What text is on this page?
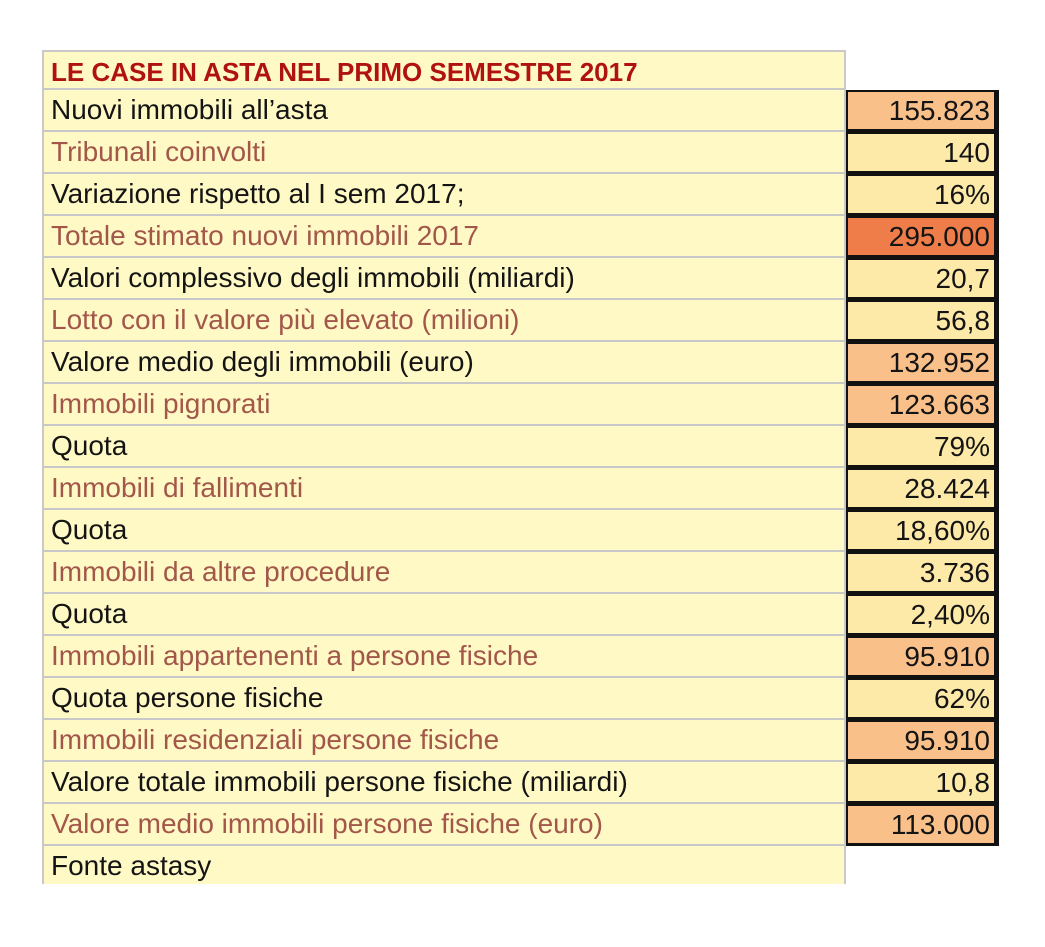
LE CASE IN ASTA NEL PRIMO SEMESTRE 2017
Nuovi immobili all’asta	155.823
Tribunali coinvolti	140
Variazione rispetto al I sem 2017;	16%
Totale stimato nuovi immobili 2017	295.000
Valori complessivo degli immobili (miliardi)	20,7
Lotto con il valore più elevato (milioni)	56,8
Valore medio degli immobili (euro)	132.952
Immobili pignorati	123.663
Quota	79%
Immobili di fallimenti	28.424
Quota	18,60%
Immobili da altre procedure	3.736
Quota	2,40%
Immobili appartenenti a persone fisiche	95.910
Quota persone fisiche	62%
Immobili residenziali persone fisiche	95.910
Valore totale immobili persone fisiche (miliardi)	10,8
Valore medio immobili persone fisiche (euro)	113.000
Fonte astasy
